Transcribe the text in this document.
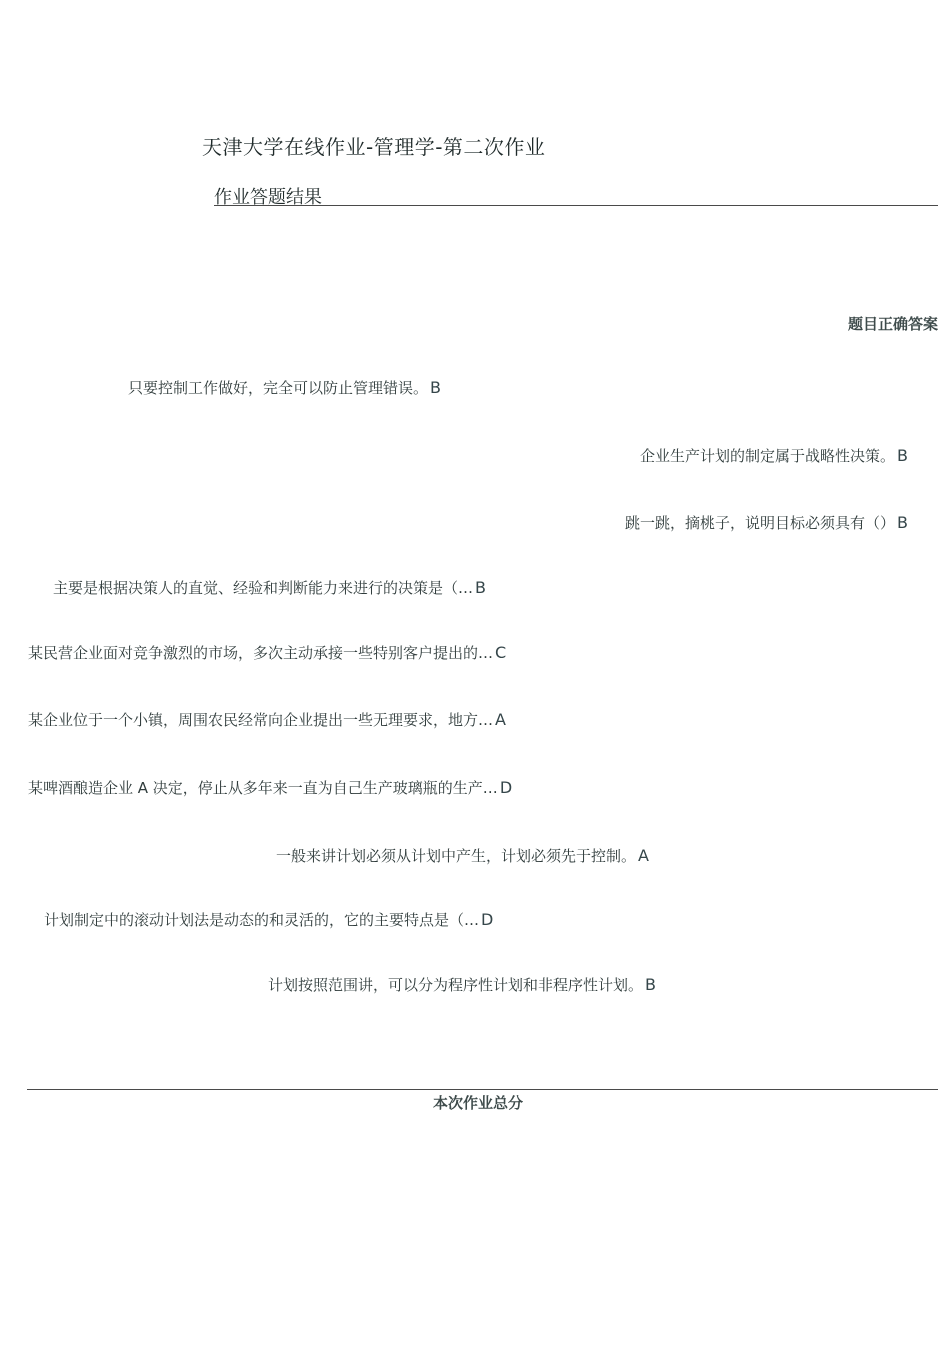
天津大学在线作业-管理学-第二次作业
作业答题结果
题目正确答案
只要控制工作做好，完全可以防止管理错误。 B
企业生产计划的制定属于战略性决策。 B
跳一跳，摘桃子，说明目标必须具有（） B
主要是根据决策人的直觉、经验和判断能力来进行的决策是（… B
某民营企业面对竞争激烈的市场，多次主动承接一些特别客户提出的… C
某企业位于一个小镇，周围农民经常向企业提出一些无理要求，地方… A
某啤酒酿造企业 A 决定，停止从多年来一直为自己生产玻璃瓶的生产… D
一般来讲计划必须从计划中产生，计划必须先于控制。 A
计划制定中的滚动计划法是动态的和灵活的，它的主要特点是（… D
计划按照范围讲，可以分为程序性计划和非程序性计划。 B
本次作业总分
